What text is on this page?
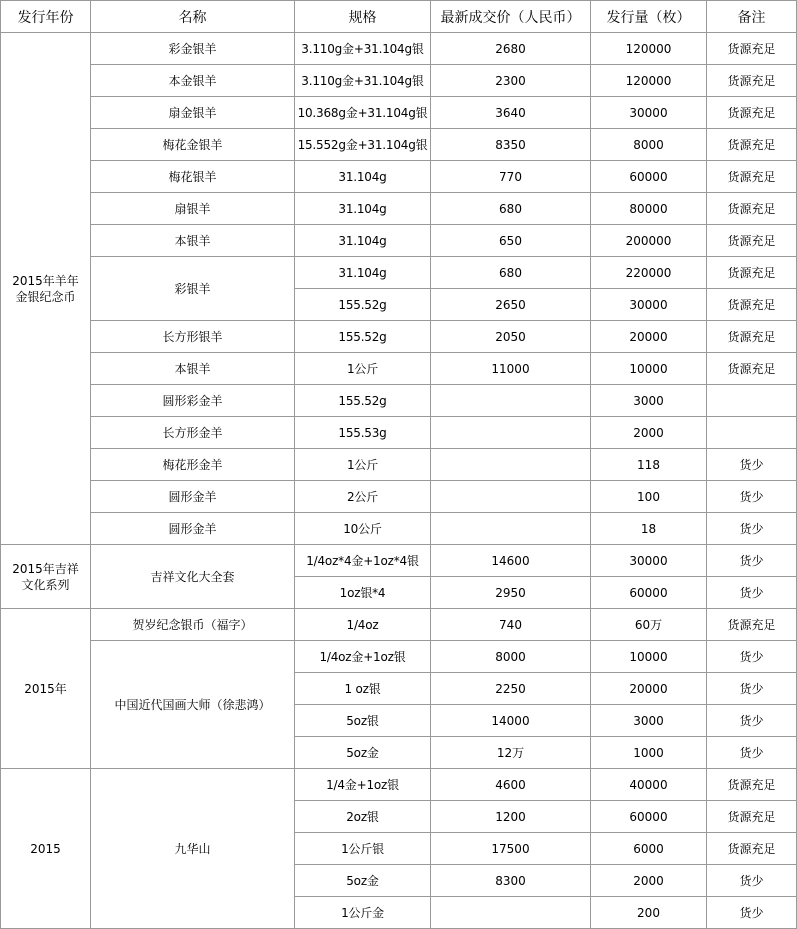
发行年份	名称	规格	最新成交价（人民币）	发行量（枚）	备注
2015年羊年金银纪念币	彩金银羊	3.110g金+31.104g银	2680	120000	货源充足
	本金银羊	3.110g金+31.104g银	2300	120000	货源充足
	扇金银羊	10.368g金+31.104g银	3640	30000	货源充足
	梅花金银羊	15.552g金+31.104g银	8350	8000	货源充足
	梅花银羊	31.104g	770	60000	货源充足
	扇银羊	31.104g	680	80000	货源充足
	本银羊	31.104g	650	200000	货源充足
	彩银羊	31.104g	680	220000	货源充足
		155.52g	2650	30000	货源充足
	长方形银羊	155.52g	2050	20000	货源充足
	本银羊	1公斤	11000	10000	货源充足
	圆形彩金羊	155.52g		3000	
	长方形金羊	155.53g		2000	
	梅花形金羊	1公斤		118	货少
	圆形金羊	2公斤		100	货少
	圆形金羊	10公斤		18	货少
2015年吉祥文化系列	吉祥文化大全套	1/4oz*4金+1oz*4银	14600	30000	货少
		1oz银*4	2950	60000	货少
2015年	贺岁纪念银币（福字）	1/4oz	740	60万	货源充足
	中国近代国画大师（徐悲鸿）	1/4oz金+1oz银	8000	10000	货少
		1 oz银	2250	20000	货少
		5oz银	14000	3000	货少
		5oz金	12万	1000	货少
2015	九华山	1/4金+1oz银	4600	40000	货源充足
		2oz银	1200	60000	货源充足
		1公斤银	17500	6000	货源充足
		5oz金	8300	2000	货少
		1公斤金		200	货少
